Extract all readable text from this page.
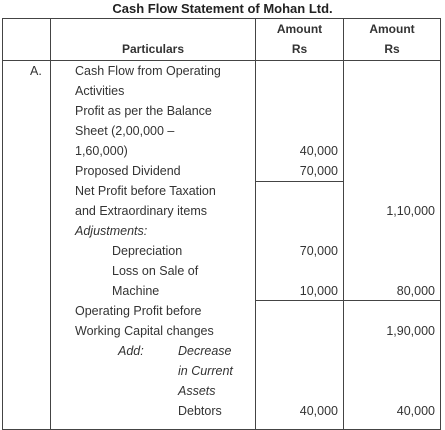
Cash Flow Statement of Mohan Ltd.
Amount
Rs
Amount
Rs
Particulars
A.	Cash Flow from Operating
Activities
Profit as per the Balance
Sheet (2,00,000 –
1,60,000)
Proposed Dividend
Net Profit before Taxation
and Extraordinary items
Adjustments:
Depreciation
Loss on Sale of
Machine
Operating Profit before
Working Capital changes
Add:	Decrease
in Current
Assets
Debtors
40,000
70,000
70,000
10,000
40,000
1,10,000
80,000
1,90,000
40,000
